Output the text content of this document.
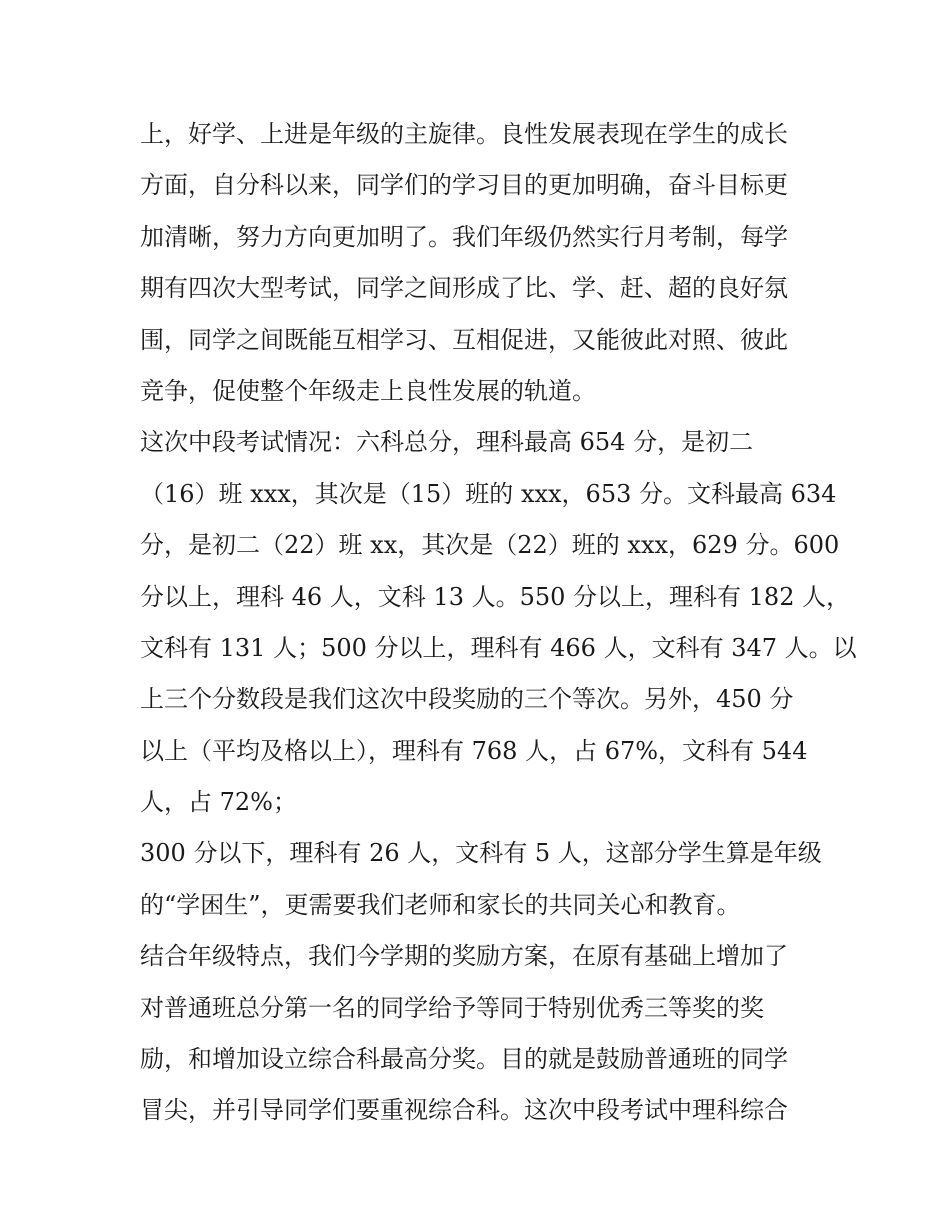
上，好学、上进是年级的主旋律。良性发展表现在学生的成长
方面，自分科以来，同学们的学习目的更加明确，奋斗目标更
加清晰，努力方向更加明了。我们年级仍然实行月考制，每学
期有四次大型考试，同学之间形成了比、学、赶、超的良好氛
围，同学之间既能互相学习、互相促进，又能彼此对照、彼此
竞争，促使整个年级走上良性发展的轨道。
这次中段考试情况：六科总分，理科最高 654 分，是初二
（16）班 xxx，其次是（15）班的 xxx，653 分。文科最高 634
分，是初二（22）班 xx，其次是（22）班的 xxx，629 分。600
分以上，理科 46 人，文科 13 人。550 分以上，理科有 182 人，
文科有 131 人；500 分以上，理科有 466 人，文科有 347 人。以
上三个分数段是我们这次中段奖励的三个等次。另外，450 分
以上（平均及格以上），理科有 768 人，占 67%，文科有 544
人，占 72%；
300 分以下，理科有 26 人，文科有 5 人，这部分学生算是年级
的“学困生”，更需要我们老师和家长的共同关心和教育。
结合年级特点，我们今学期的奖励方案，在原有基础上增加了
对普通班总分第一名的同学给予等同于特别优秀三等奖的奖
励，和增加设立综合科最高分奖。目的就是鼓励普通班的同学
冒尖，并引导同学们要重视综合科。这次中段考试中理科综合
